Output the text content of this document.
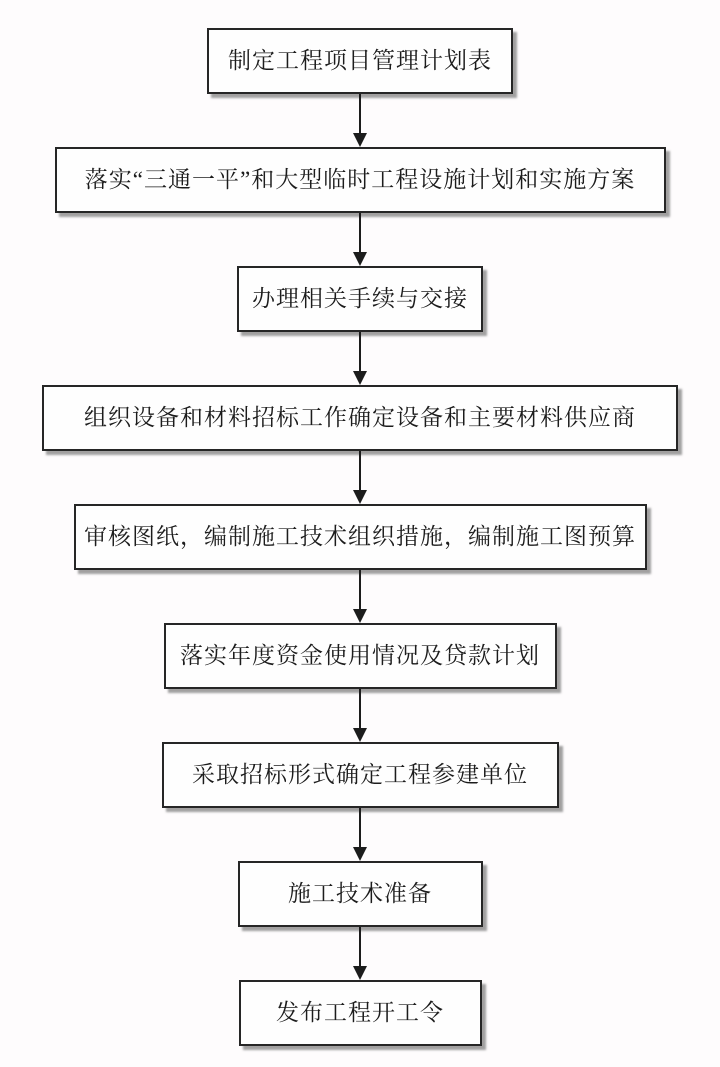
制定工程项目管理计划表
落实“三通一平”和大型临时工程设施计划和实施方案
办理相关手续与交接
组织设备和材料招标工作确定设备和主要材料供应商
审核图纸，编制施工技术组织措施，编制施工图预算
落实年度资金使用情况及贷款计划
采取招标形式确定工程参建单位
施工技术准备
发布工程开工令
